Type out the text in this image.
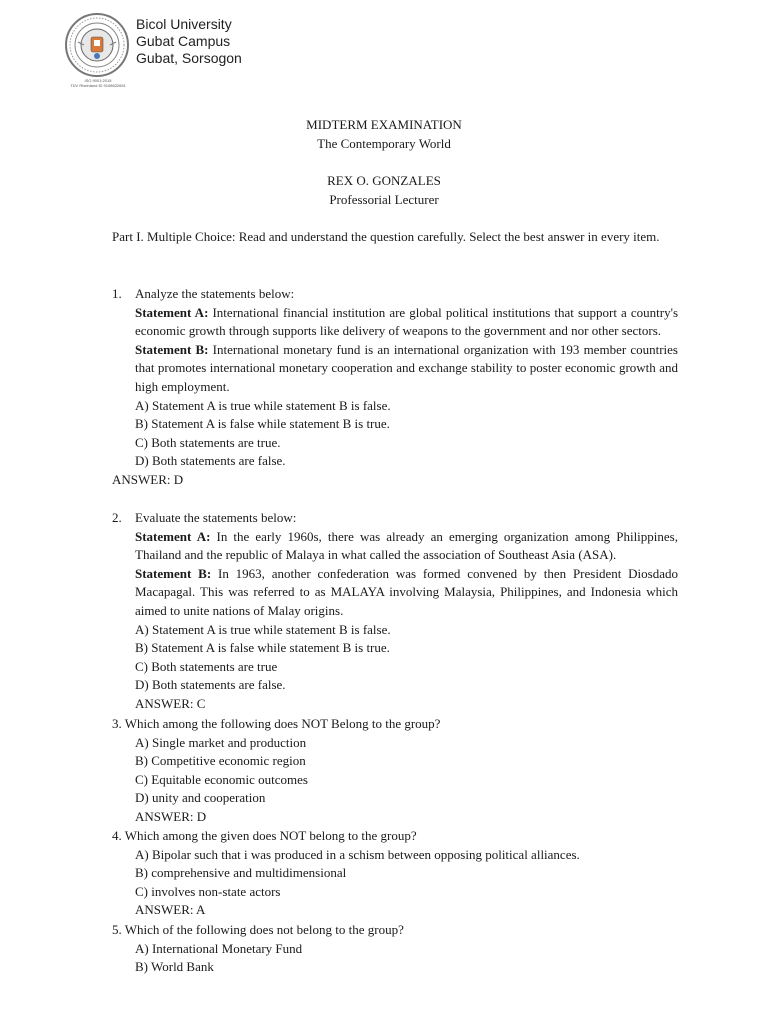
ISO 9001:2015
TÜV Rheinland ID 9108632651
Bicol University
Gubat Campus
Gubat, Sorsogon
MIDTERM EXAMINATION
The Contemporary World
REX O. GONZALES
Professorial Lecturer
Part I. Multiple Choice: Read and understand the question carefully. Select the best answer in every item.
1. Analyze the statements below:
Statement A: International financial institution are global political institutions that support a country's economic growth through supports like delivery of weapons to the government and nor other sectors.
Statement B: International monetary fund is an international organization with 193 member countries that promotes international monetary cooperation and exchange stability to poster economic growth and high employment.
A) Statement A is true while statement B is false.
B) Statement A is false while statement B is true.
C) Both statements are true.
D) Both statements are false.
ANSWER: D
2. Evaluate the statements below:
Statement A: In the early 1960s, there was already an emerging organization among Philippines, Thailand and the republic of Malaya in what called the association of Southeast Asia (ASA).
Statement B: In 1963, another confederation was formed convened by then President Diosdado Macapagal. This was referred to as MALAYA involving Malaysia, Philippines, and Indonesia which aimed to unite nations of Malay origins.
A) Statement A is true while statement B is false.
B) Statement A is false while statement B is true.
C) Both statements are true
D) Both statements are false.
ANSWER: C
3. Which among the following does NOT Belong to the group?
A) Single market and production
B) Competitive economic region
C) Equitable economic outcomes
D) unity and cooperation
ANSWER: D
4. Which among the given does NOT belong to the group?
A) Bipolar such that i was produced in a schism between opposing political alliances.
B) comprehensive and multidimensional
C) involves non-state actors
ANSWER: A
5. Which of the following does not belong to the group?
A) International Monetary Fund
B) World Bank
